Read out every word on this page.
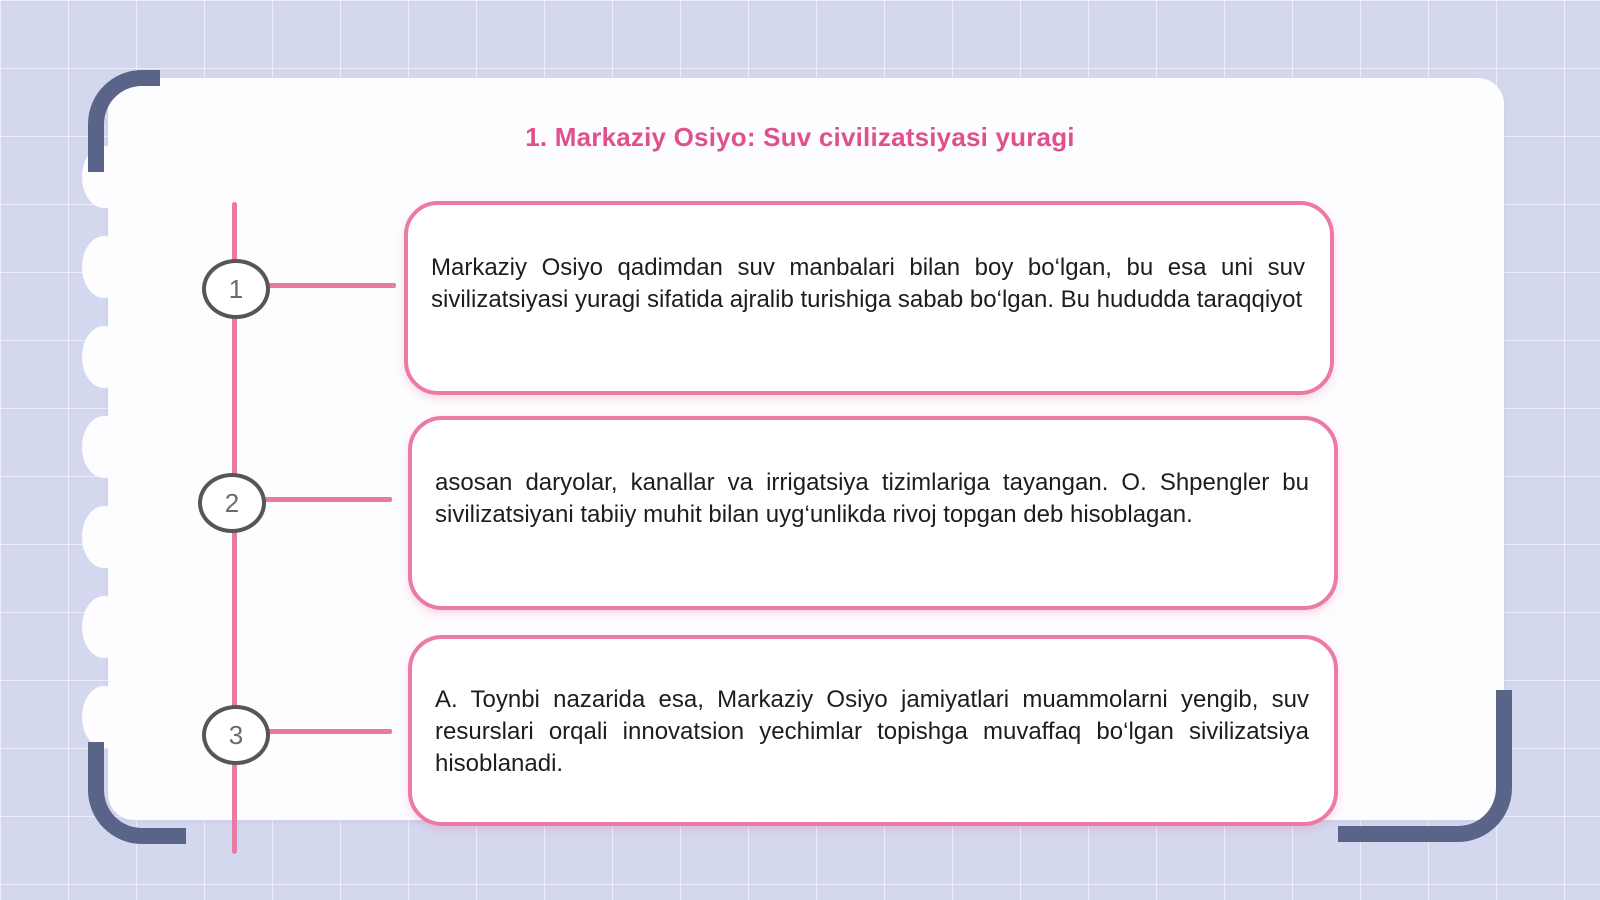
1. Markaziy Osiyo: Suv civilizatsiyasi yuragi
1
Markaziy Osiyo qadimdan suv manbalari bilan boy bo‘lgan, bu esa uni suv sivilizatsiyasi yuragi sifatida ajralib turishiga sabab bo‘lgan. Bu hududda taraqqiyot
2
asosan daryolar, kanallar va irrigatsiya tizimlariga tayangan. O. Shpengler bu sivilizatsiyani tabiiy muhit bilan uyg‘unlikda rivoj topgan deb hisoblagan.
3
A. Toynbi nazarida esa, Markaziy Osiyo jamiyatlari muammolarni yengib, suv resurslari orqali innovatsion yechimlar topishga muvaffaq bo‘lgan sivilizatsiya hisoblanadi.
